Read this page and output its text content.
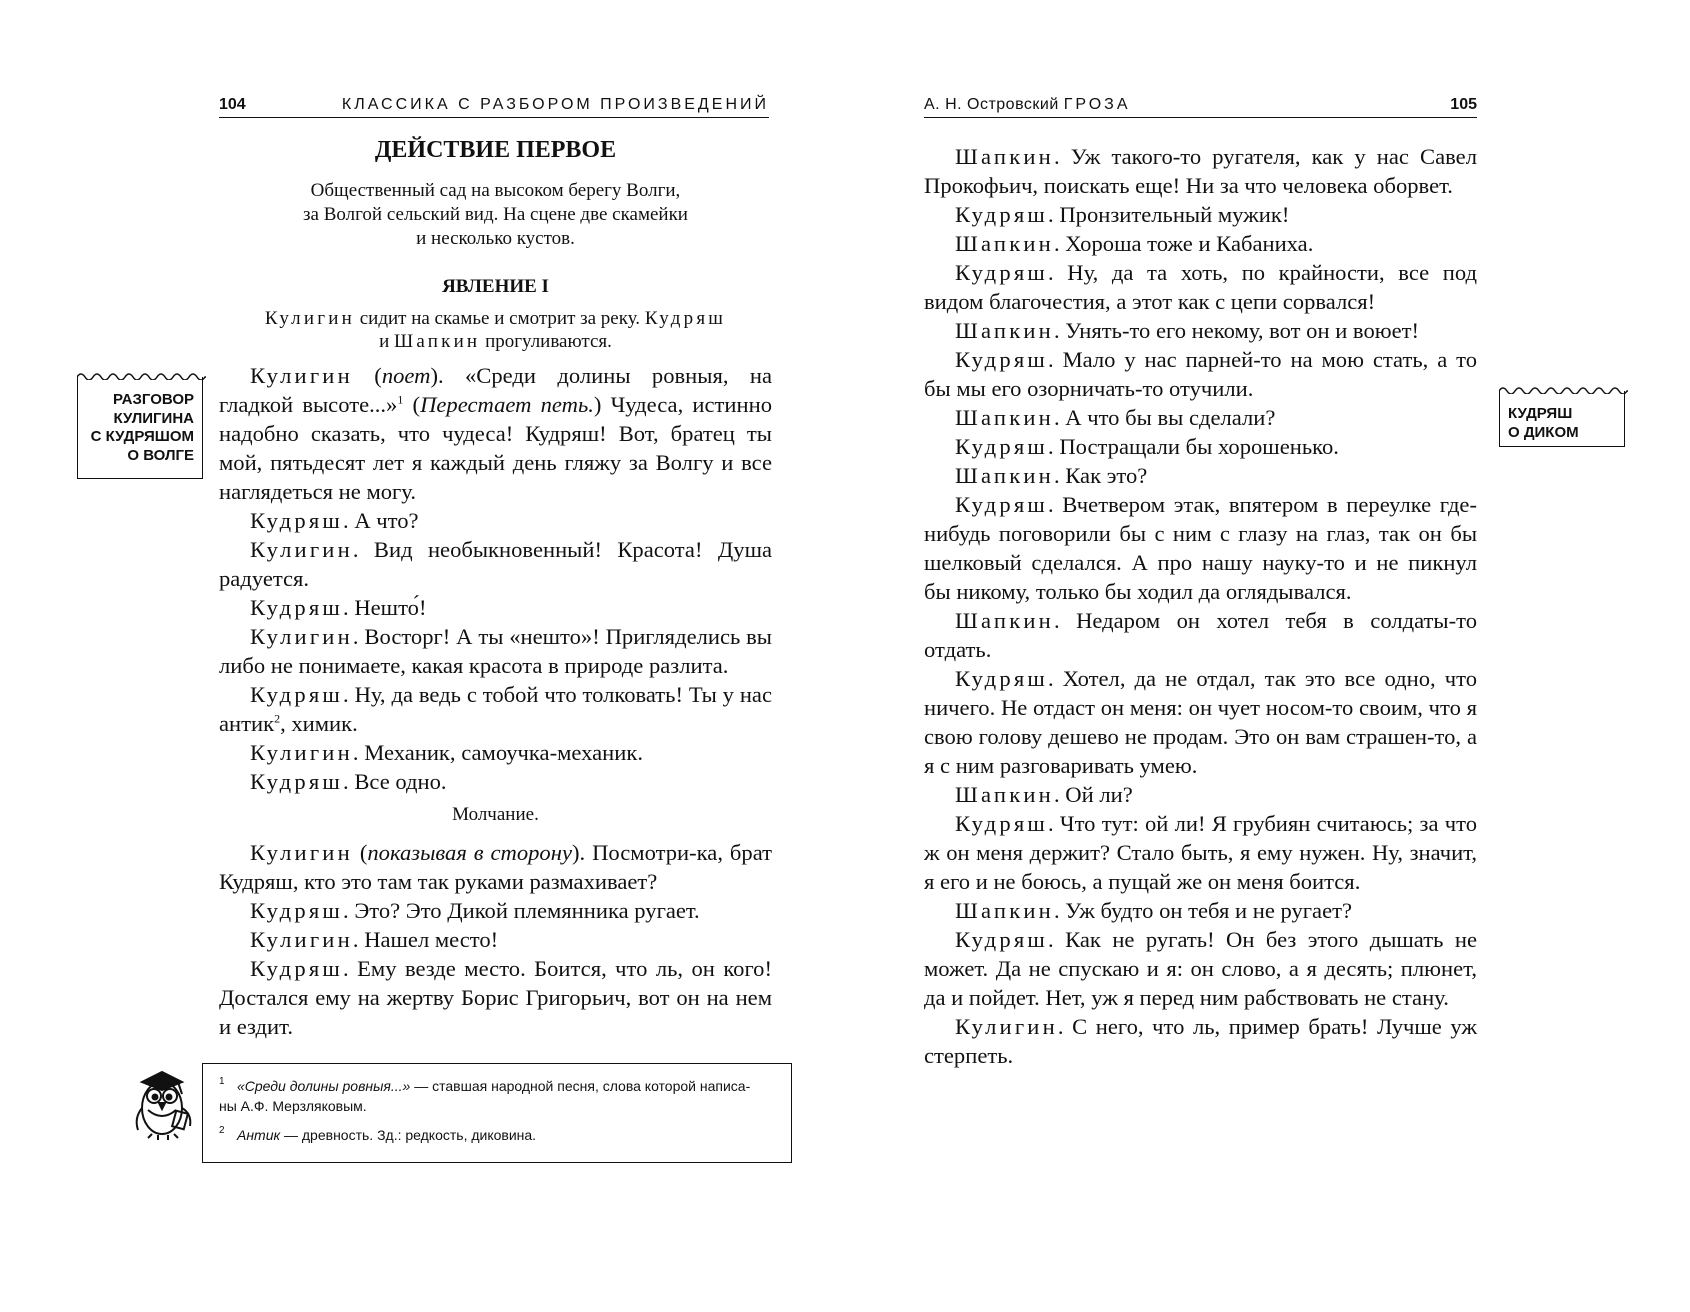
104	КЛАССИКА С РАЗБОРОМ ПРОИЗВЕДЕНИЙ
РАЗГОВОР
КУЛИГИНА
С КУДРЯШОМ
О ВОЛГЕ
ДЕЙСТВИЕ ПЕРВОЕ
Общественный сад на высоком берегу Волги,
за Волгой сельский вид. На сцене две скамейки
и несколько кустов.
ЯВЛЕНИЕ I
Кулигин сидит на скамье и смотрит за реку. Кудряш
и Шапкин прогуливаются.
Кулигин (поет). «Среди долины ровныя, на гладкой высоте...»$^1$ (Перестает петь.) Чудеса, истинно надобно сказать, что чудеса! Кудряш! Вот, братец ты мой, пятьдесят лет я каждый день гляжу за Волгу и все наглядеться не могу.
Кудряш. А что?
Кулигин. Вид необыкновенный! Красота! Душа радуется.
Кудряш. Нешто́!
Кулигин. Восторг! А ты «нешто»! Пригляделись вы либо не понимаете, какая красота в природе разлита.
Кудряш. Ну, да ведь с тобой что толковать! Ты у нас антик$^2$, химик.
Кулигин. Механик, самоучка-механик.
Кудряш. Все одно.
Молчание.
Кулигин (показывая в сторону). Посмотри-ка, брат Кудряш, кто это там так руками размахивает?
Кудряш. Это? Это Дикой племянника ругает.
Кулигин. Нашел место!
Кудряш. Ему везде место. Боится, что ль, он кого! Достался ему на жертву Борис Григорьич, вот он на нем и ездит.
1 «Среди долины ровныя...» — ставшая народной песня, слова которой написа-
ны А.Ф. Мерзляковым.
2 Антик — древность. Зд.: редкость, диковина.
А. Н. Островский ГРОЗА	105
КУДРЯШ
О ДИКОМ
Шапкин. Уж такого-то ругателя, как у нас Савел Прокофьич, поискать еще! Ни за что человека оборвет.
Кудряш. Пронзительный мужик!
Шапкин. Хороша тоже и Кабаниха.
Кудряш. Ну, да та хоть, по крайности, все под видом благочестия, а этот как с цепи сорвался!
Шапкин. Унять-то его некому, вот он и воюет!
Кудряш. Мало у нас парней-то на мою стать, а то бы мы его озорничать-то отучили.
Шапкин. А что бы вы сделали?
Кудряш. Постращали бы хорошенько.
Шапкин. Как это?
Кудряш. Вчетвером этак, впятером в переулке где-нибудь поговорили бы с ним с глазу на глаз, так он бы шелковый сделался. А про нашу науку-то и не пикнул бы никому, только бы ходил да оглядывался.
Шапкин. Недаром он хотел тебя в солдаты-то отдать.
Кудряш. Хотел, да не отдал, так это все одно, что ничего. Не отдаст он меня: он чует носом-то своим, что я свою голову дешево не продам. Это он вам страшен-то, а я с ним разговаривать умею.
Шапкин. Ой ли?
Кудряш. Что тут: ой ли! Я грубиян считаюсь; за что ж он меня держит? Стало быть, я ему нужен. Ну, значит, я его и не боюсь, а пущай же он меня боится.
Шапкин. Уж будто он тебя и не ругает?
Кудряш. Как не ругать! Он без этого дышать не может. Да не спускаю и я: он слово, а я десять; плюнет, да и пойдет. Нет, уж я перед ним рабствовать не стану.
Кулигин. С него, что ль, пример брать! Лучше уж стерпеть.
